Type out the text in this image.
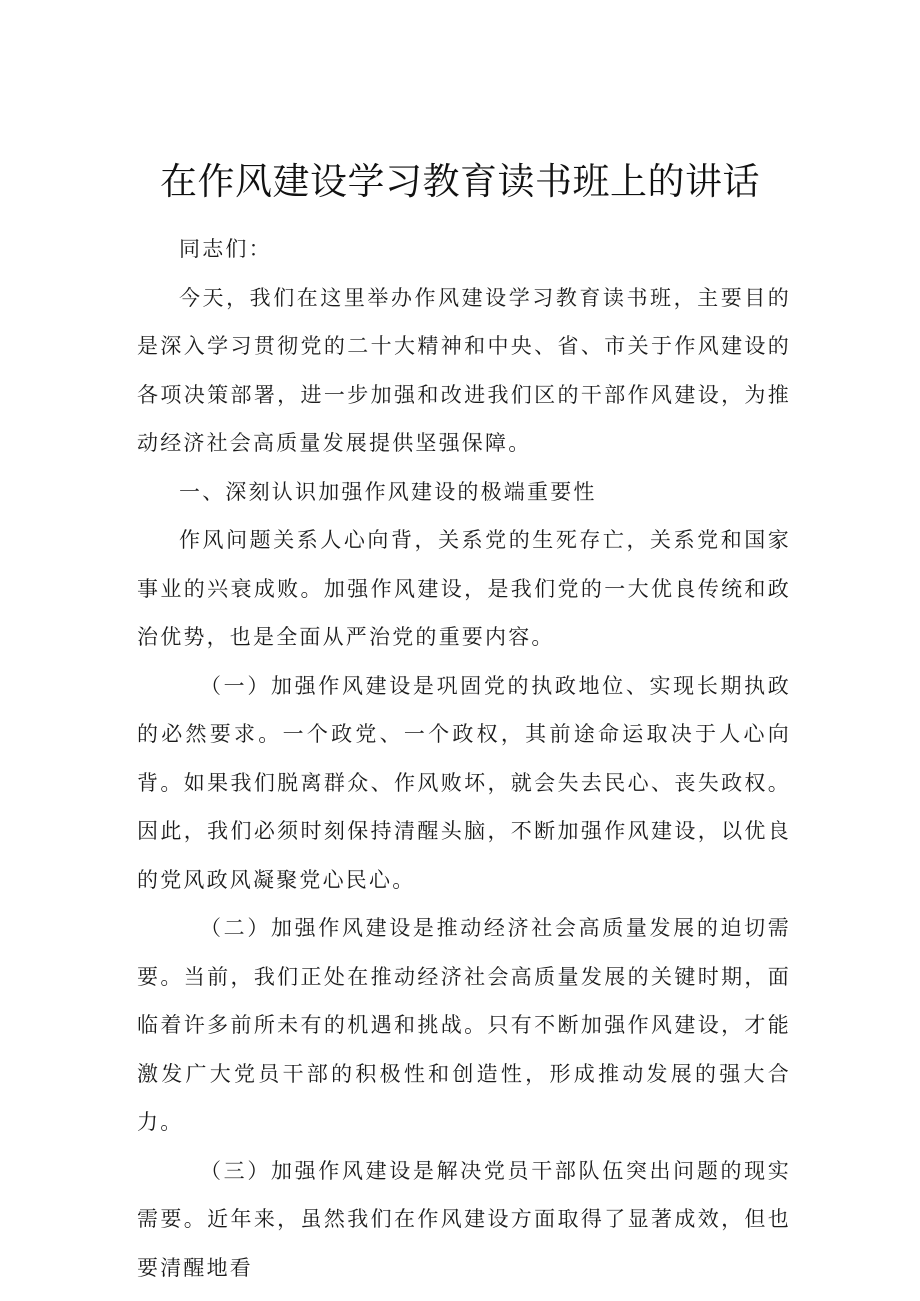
在作风建设学习教育读书班上的讲话

同志们：

今天，我们在这里举办作风建设学习教育读书班，主要目的是深入学习贯彻党的二十大精神和中央、省、市关于作风建设的各项决策部署，进一步加强和改进我们区的干部作风建设，为推动经济社会高质量发展提供坚强保障。

一、深刻认识加强作风建设的极端重要性

作风问题关系人心向背，关系党的生死存亡，关系党和国家事业的兴衰成败。加强作风建设，是我们党的一大优良传统和政治优势，也是全面从严治党的重要内容。

（一）加强作风建设是巩固党的执政地位、实现长期执政的必然要求。一个政党、一个政权，其前途命运取决于人心向背。如果我们脱离群众、作风败坏，就会失去民心、丧失政权。因此，我们必须时刻保持清醒头脑，不断加强作风建设，以优良的党风政风凝聚党心民心。

（二）加强作风建设是推动经济社会高质量发展的迫切需要。当前，我们正处在推动经济社会高质量发展的关键时期，面临着许多前所未有的机遇和挑战。只有不断加强作风建设，才能激发广大党员干部的积极性和创造性，形成推动发展的强大合力。

（三）加强作风建设是解决党员干部队伍突出问题的现实需要。近年来，虽然我们在作风建设方面取得了显著成效，但也要清醒地看
